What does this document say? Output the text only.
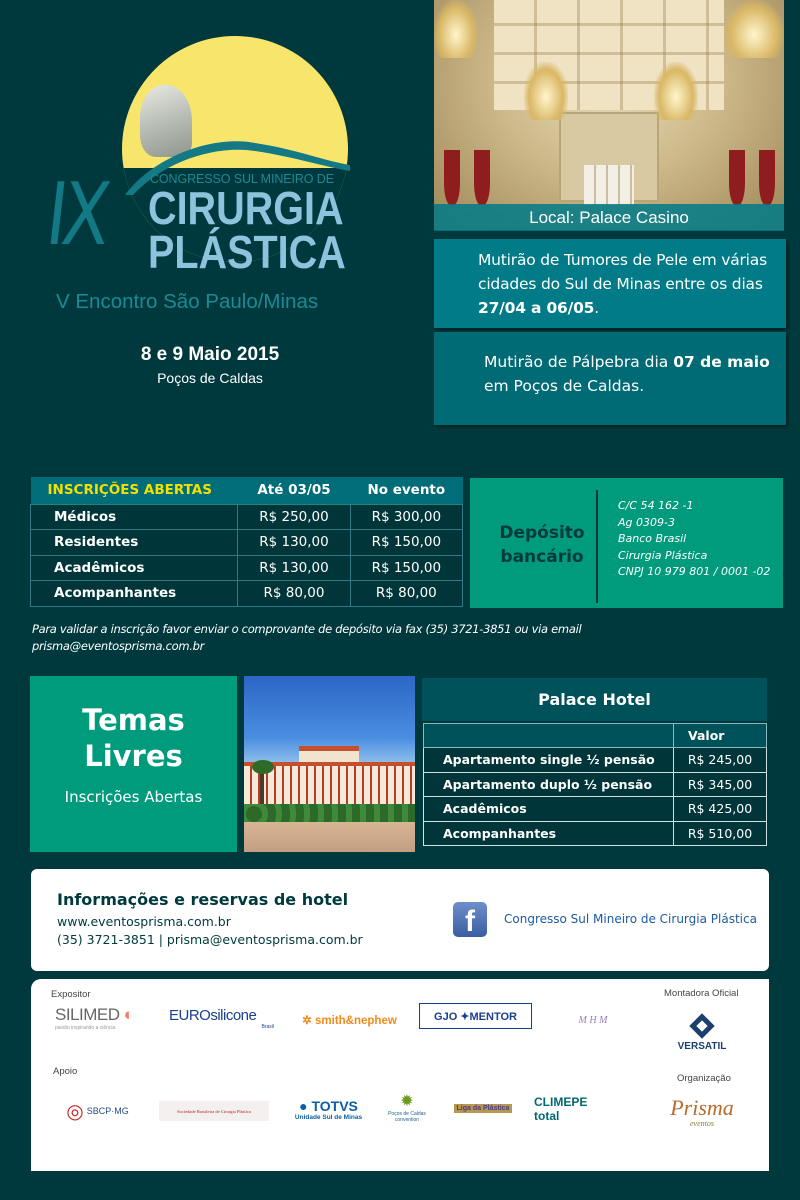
IX	CONGRESSO SUL MINEIRO DE
CIRURGIA
PLÁSTICA
V Encontro São Paulo/Minas
8 e 9 Maio 2015
Poços de Caldas
Local: Palace Casino

Mutirão de Tumores de Pele em várias cidades do Sul de Minas entre os dias 27/04 a 06/05.

Mutirão de Pálpebra dia 07 de maio em Poços de Caldas.

INSCRIÇÕES ABERTAS	Até 03/05	No evento
Médicos	R$ 250,00	R$ 300,00
Residentes	R$ 130,00	R$ 150,00
Acadêmicos	R$ 130,00	R$ 150,00
Acompanhantes	R$ 80,00	R$ 80,00
Depósito
bancário
C/C 54 162 -1
Ag 0309-3
Banco Brasil
Cirurgia Plástica
CNPJ 10 979 801 / 0001 -02
Para validar a inscrição favor enviar o comprovante de depósito via fax (35) 3721-3851 ou via email
prisma@eventosprisma.com.br
Temas
Livres
Inscrições Abertas
Palace Hotel
	Valor
Apartamento single ½ pensão	R$ 245,00
Apartamento duplo ½ pensão	R$ 345,00
Acadêmicos	R$ 425,00
Acompanhantes	R$ 510,00
Informações e reservas de hotel
www.eventosprisma.com.br
(35) 3721-3851 | prisma@eventosprisma.com.br
f	Congresso Sul Mineiro de Cirurgia Plástica
Expositor	Montadora Oficial
Apoio
Organização
SILIMED ◐
paixão inspirando a ciência
EUROsilicone
Brasil ✲ smith&nephew	GJO ✦MENTOR	M H M
VERSATIL
◎ SBCP·MG	Sociedade Brasileira de Cirurgia Plástica	● TOTVS
Unidade Sul de Minas
✹
Poços de Caldas convention
Liga da Plástica CLIMEPE total	Prisma
eventos
